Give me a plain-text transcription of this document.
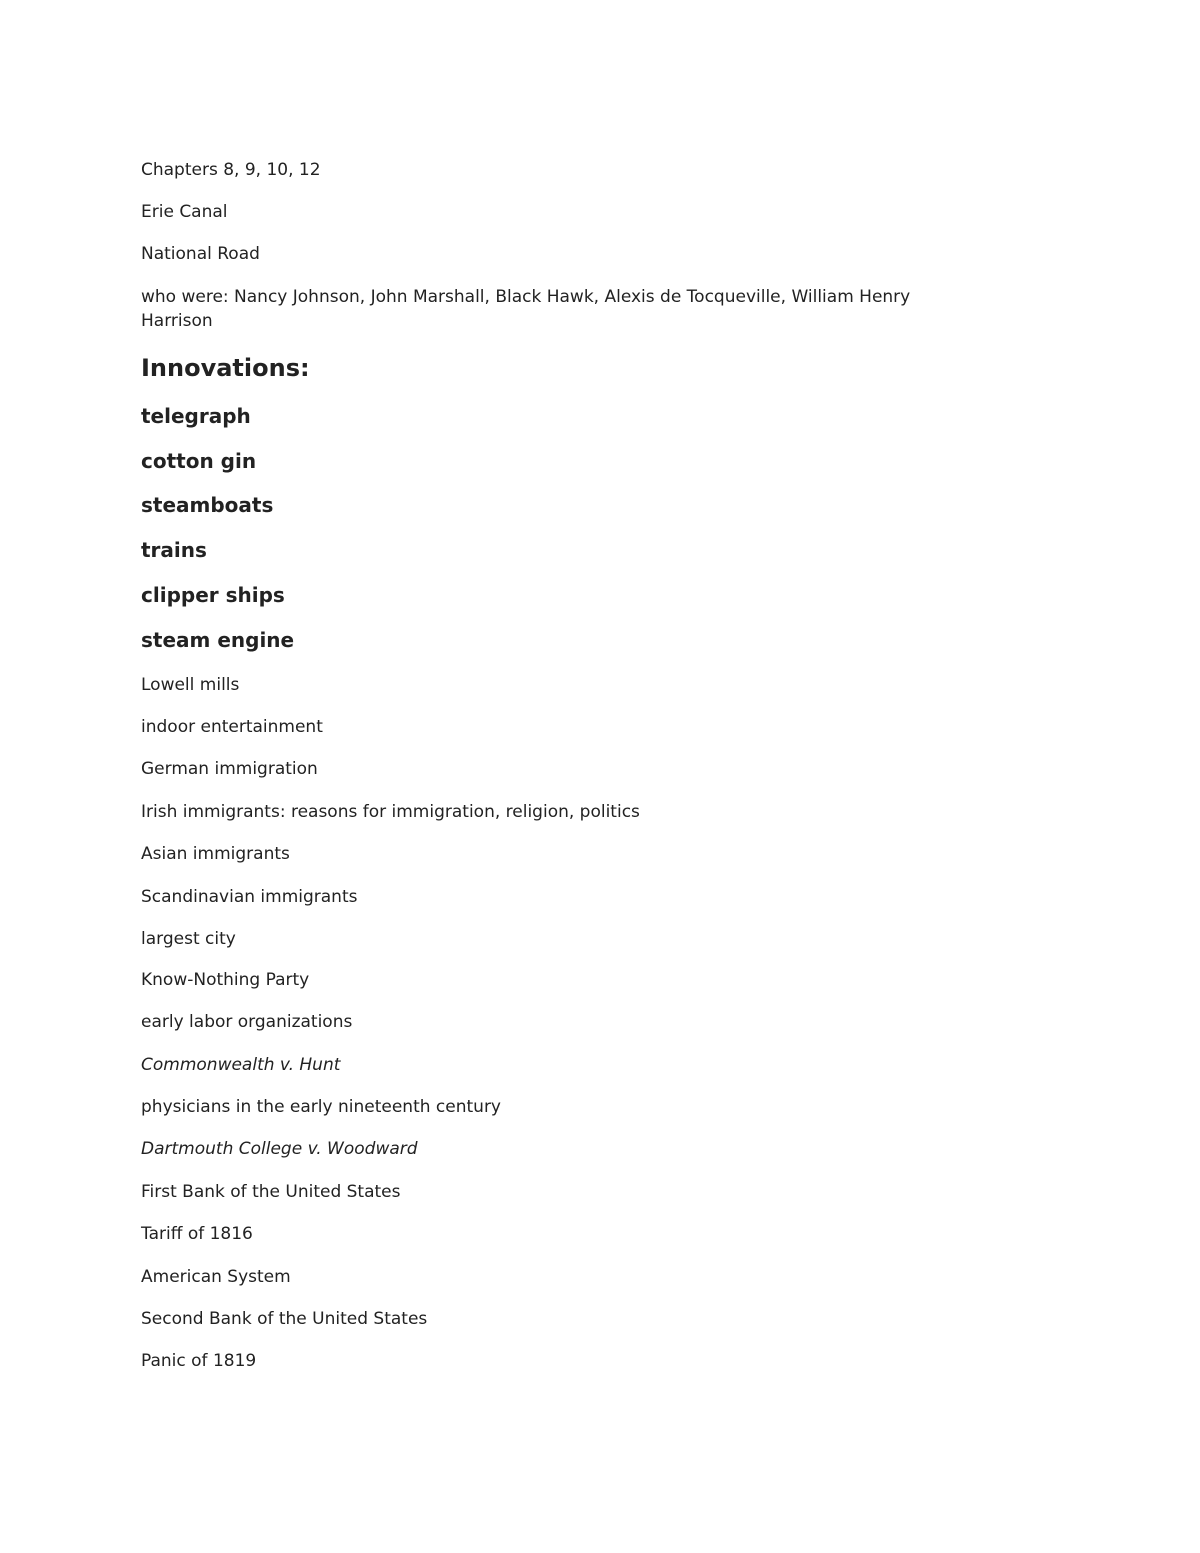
Chapters 8, 9, 10, 12
Erie Canal
National Road
who were: Nancy Johnson, John Marshall, Black Hawk, Alexis de Tocqueville, William Henry Harrison
Innovations:
telegraph
cotton gin
steamboats
trains
clipper ships
steam engine
Lowell mills
indoor entertainment
German immigration
Irish immigrants: reasons for immigration, religion, politics
Asian immigrants
Scandinavian immigrants
largest city
Know-Nothing Party
early labor organizations
Commonwealth v. Hunt
physicians in the early nineteenth century
Dartmouth College v. Woodward
First Bank of the United States
Tariff of 1816
American System
Second Bank of the United States
Panic of 1819
